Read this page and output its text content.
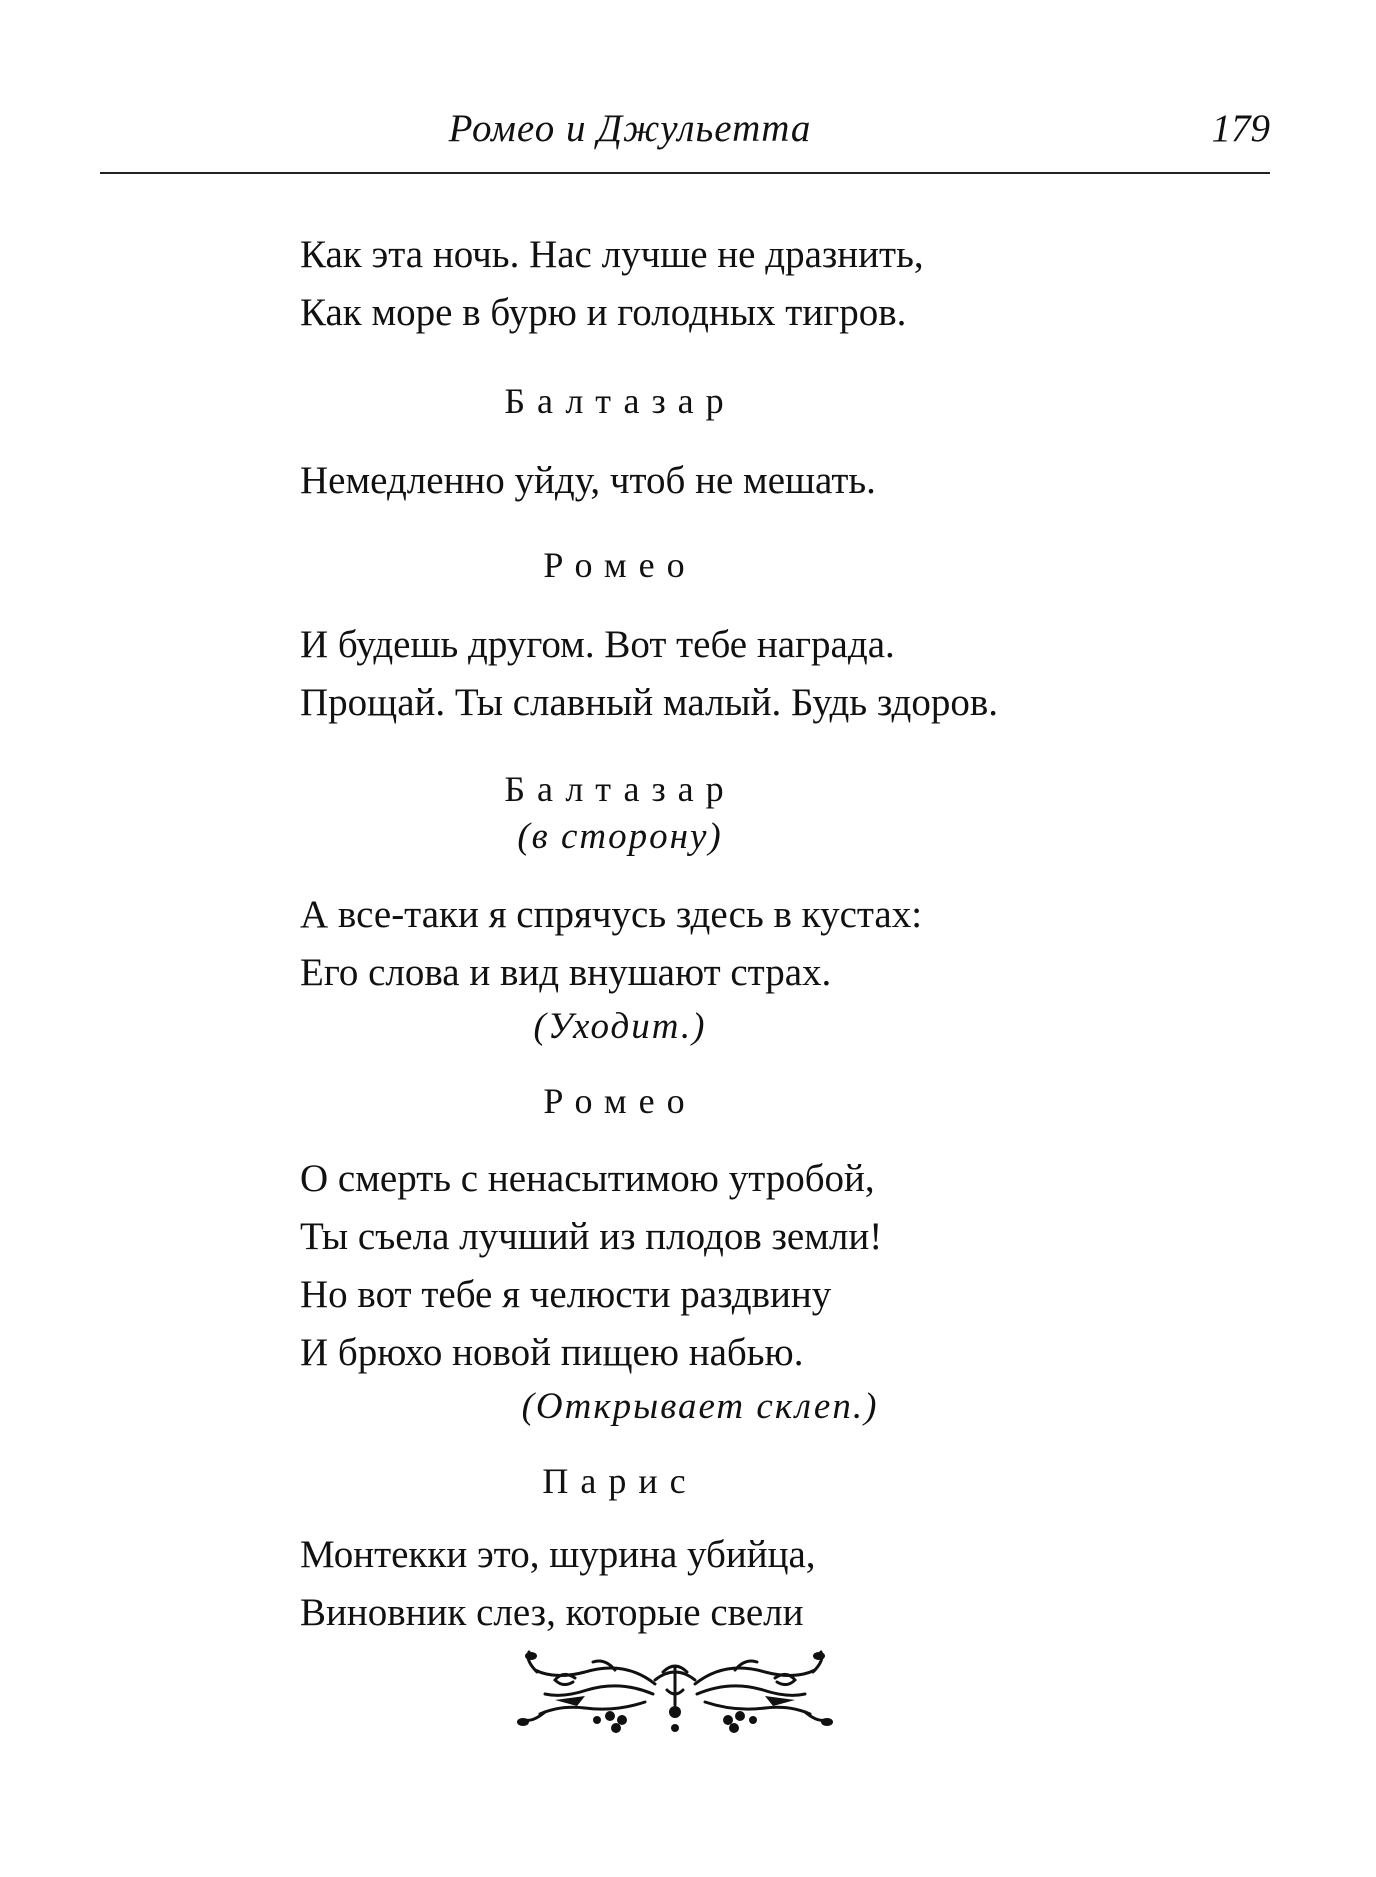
Ромео и Джульетта	179
Как эта ночь. Нас лучше не дразнить,
Как море в бурю и голодных тигров.
Балтазар
Немедленно уйду, чтоб не мешать.
Ромео
И будешь другом. Вот тебе награда.
Прощай. Ты славный малый. Будь здоров.
Балтазар
(в сторону)
А все-таки я спрячусь здесь в кустах:
Его слова и вид внушают страх.
(Уходит.)
Ромео
О смерть с ненасытимою утробой,
Ты съела лучший из плодов земли!
Но вот тебе я челюсти раздвину
И брюхо новой пищею набью.
(Открывает склеп.)
Парис
Монтекки это, шурина убийца,
Виновник слез, которые свели
